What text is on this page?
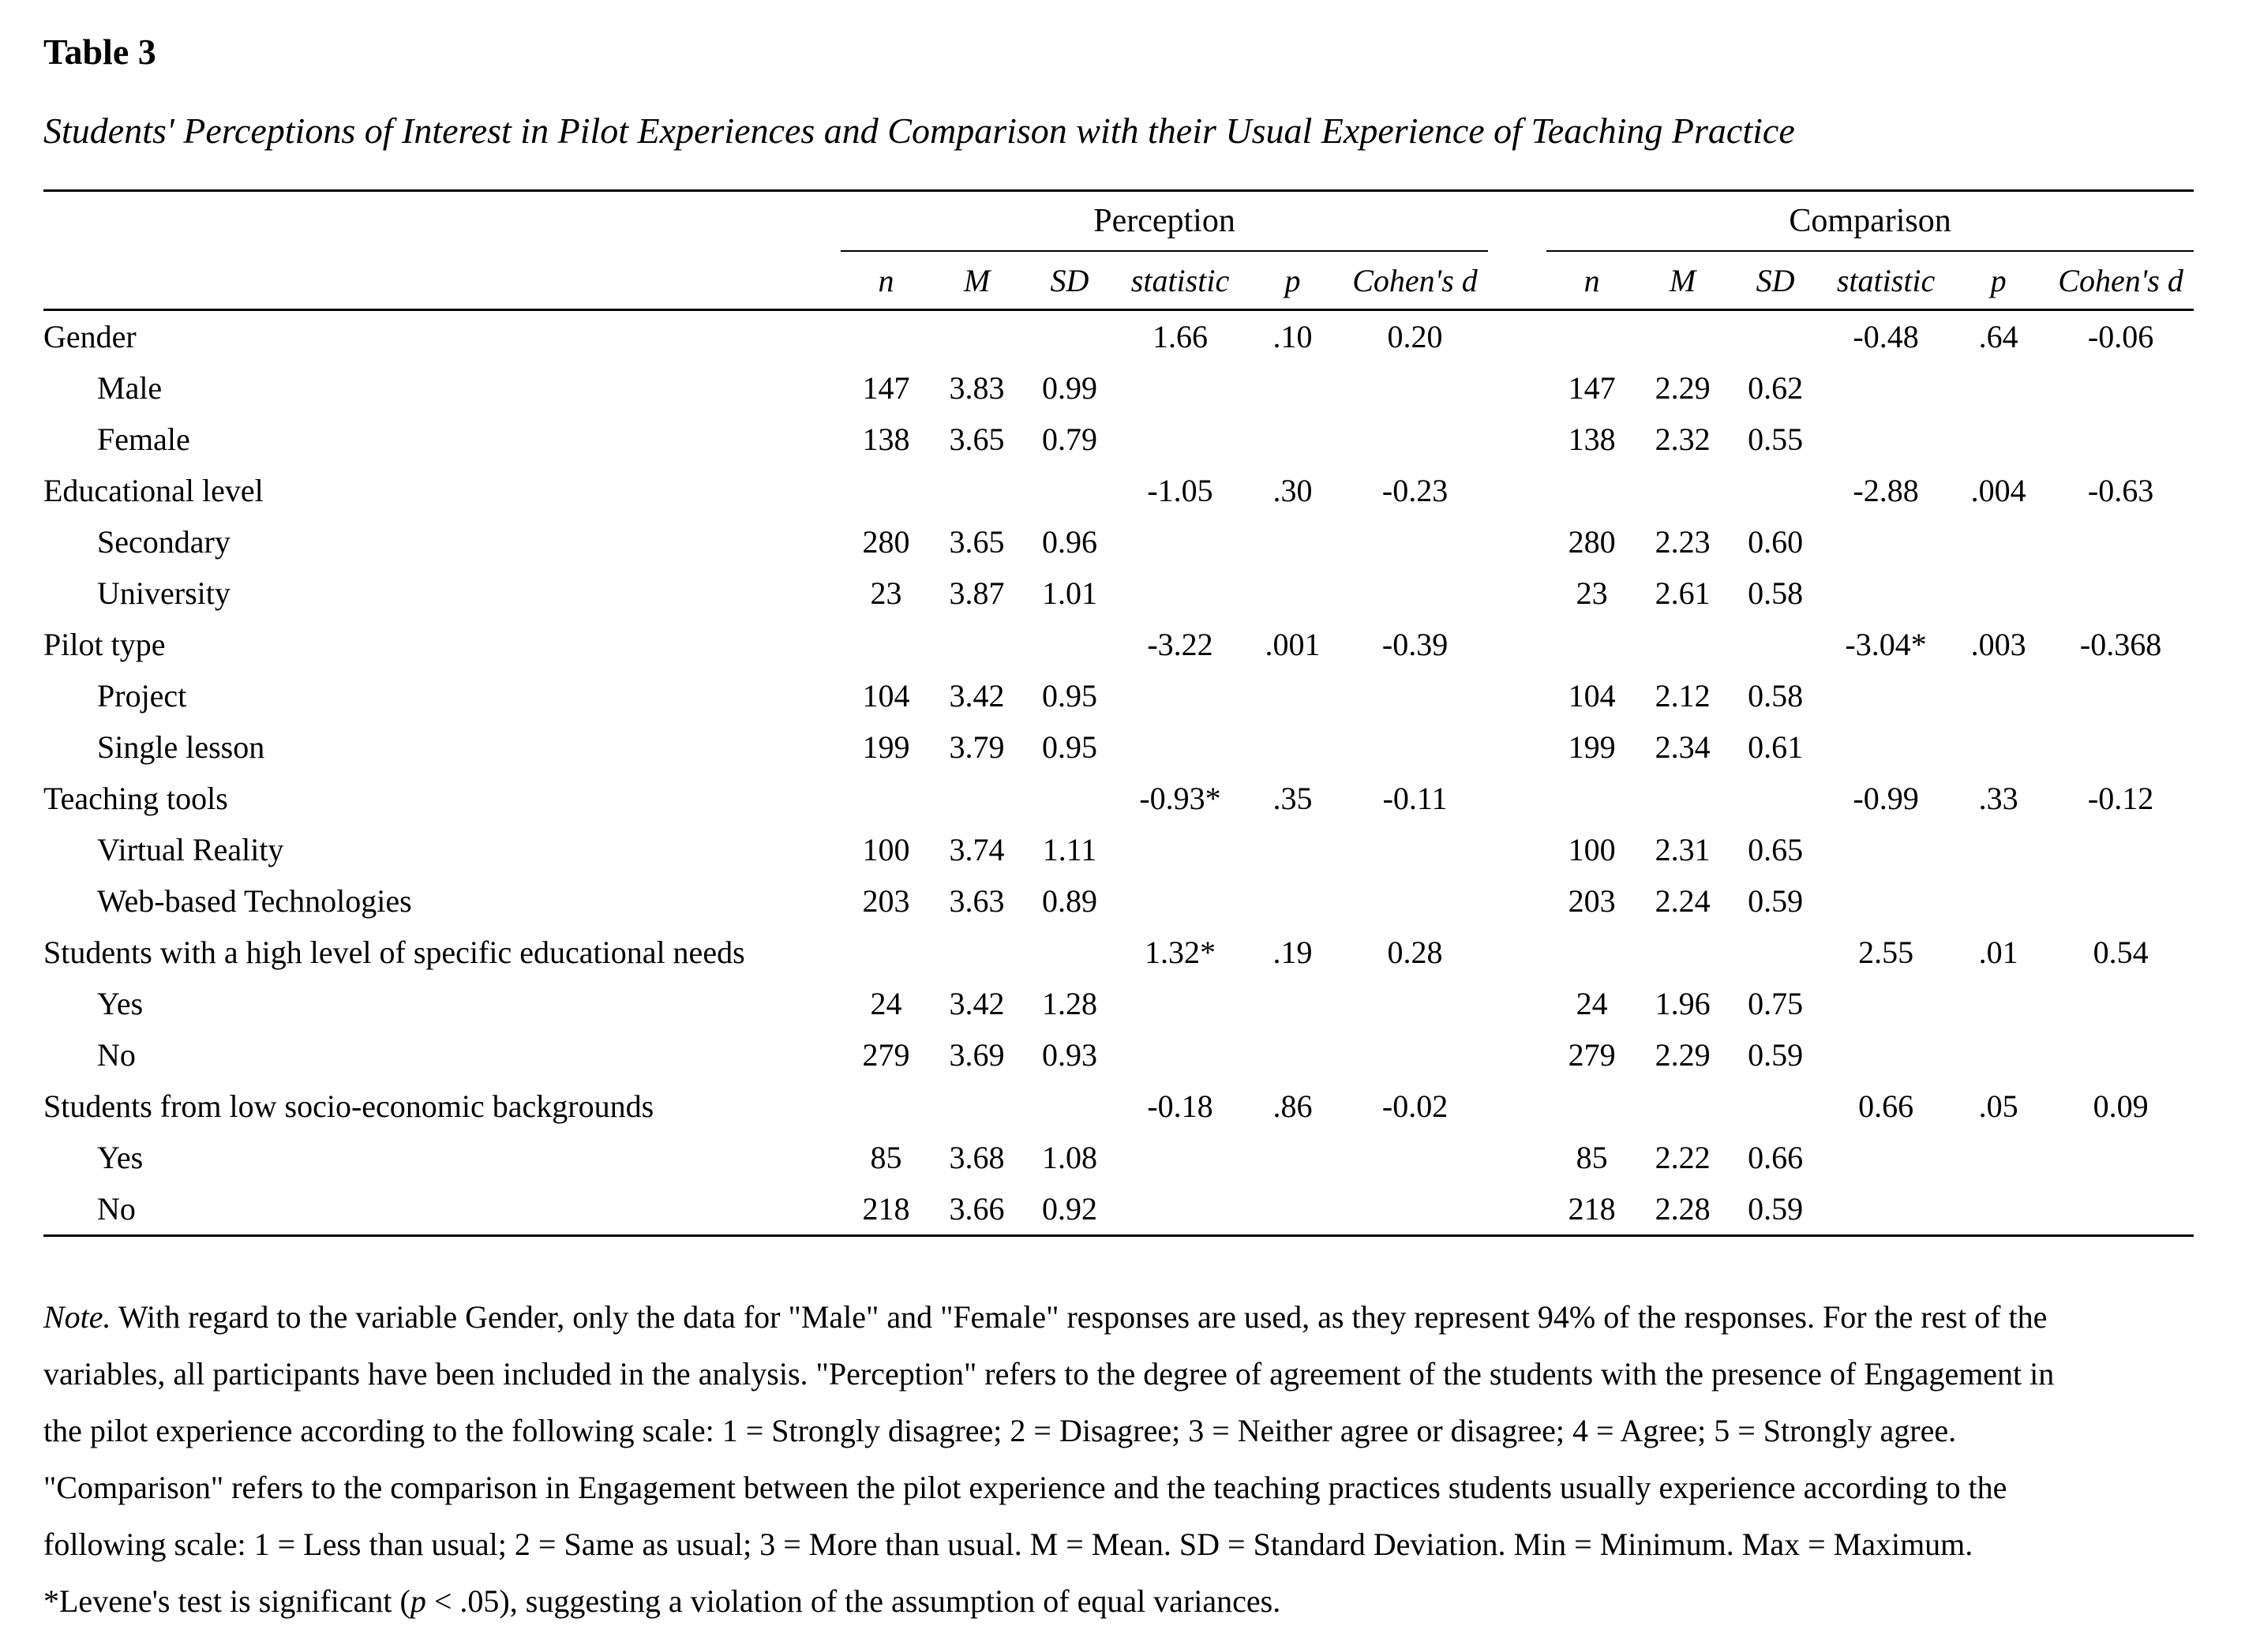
Table 3
Students' Perceptions of Interest in Pilot Experiences and Comparison with their Usual Experience of Teaching Practice
	Perception							Comparison					
	n	M	SD	statistic	p	Cohen's d		n	M	SD	statistic	p	Cohen's d
Gender				1.66	.10	0.20					-0.48	.64	-0.06
Male	147	3.83	0.99					147	2.29	0.62			
Female	138	3.65	0.79					138	2.32	0.55			
Educational level				-1.05	.30	-0.23					-2.88	.004	-0.63
Secondary	280	3.65	0.96					280	2.23	0.60			
University	23	3.87	1.01					23	2.61	0.58			
Pilot type				-3.22	.001	-0.39					-3.04*	.003	-0.368
Project	104	3.42	0.95					104	2.12	0.58			
Single lesson	199	3.79	0.95					199	2.34	0.61			
Teaching tools				-0.93*	.35	-0.11					-0.99	.33	-0.12
Virtual Reality	100	3.74	1.11					100	2.31	0.65			
Web-based Technologies	203	3.63	0.89					203	2.24	0.59			
Students with a high level of specific educational needs				1.32*	.19	0.28					2.55	.01	0.54
Yes	24	3.42	1.28					24	1.96	0.75			
No	279	3.69	0.93					279	2.29	0.59			
Students from low socio-economic backgrounds				-0.18	.86	-0.02					0.66	.05	0.09
Yes	85	3.68	1.08					85	2.22	0.66			
No	218	3.66	0.92					218	2.28	0.59			
Note. With regard to the variable Gender, only the data for "Male" and "Female" responses are used, as they represent 94% of the responses. For the rest of the
variables, all participants have been included in the analysis. "Perception" refers to the degree of agreement of the students with the presence of Engagement in
the pilot experience according to the following scale: 1 = Strongly disagree; 2 = Disagree; 3 = Neither agree or disagree; 4 = Agree; 5 = Strongly agree.
"Comparison" refers to the comparison in Engagement between the pilot experience and the teaching practices students usually experience according to the
following scale: 1 = Less than usual; 2 = Same as usual; 3 = More than usual. M = Mean. SD = Standard Deviation. Min = Minimum. Max = Maximum.
*Levene's test is significant (p < .05), suggesting a violation of the assumption of equal variances.
